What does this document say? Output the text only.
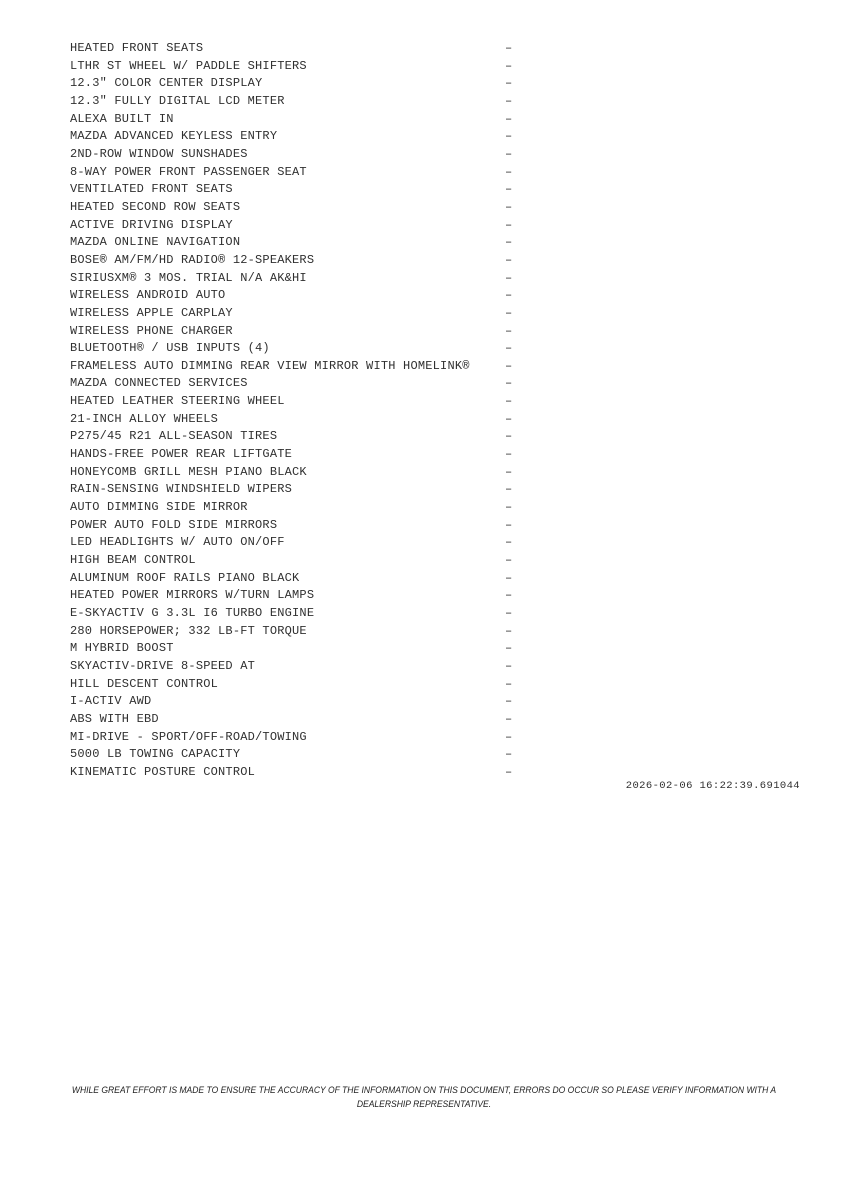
HEATED FRONT SEATS	–
LTHR ST WHEEL W/ PADDLE SHIFTERS	–
12.3" COLOR CENTER DISPLAY	–
12.3" FULLY DIGITAL LCD METER	–
ALEXA BUILT IN	–
MAZDA ADVANCED KEYLESS ENTRY	–
2ND-ROW WINDOW SUNSHADES	–
8-WAY POWER FRONT PASSENGER SEAT	–
VENTILATED FRONT SEATS	–
HEATED SECOND ROW SEATS	–
ACTIVE DRIVING DISPLAY	–
MAZDA ONLINE NAVIGATION	–
BOSE® AM/FM/HD RADIO® 12-SPEAKERS	–
SIRIUSXM® 3 MOS. TRIAL N/A AK&HI	–
WIRELESS ANDROID AUTO	–
WIRELESS APPLE CARPLAY	–
WIRELESS PHONE CHARGER	–
BLUETOOTH® / USB INPUTS (4)	–
FRAMELESS AUTO DIMMING REAR VIEW MIRROR WITH HOMELINK®	–
MAZDA CONNECTED SERVICES	–
HEATED LEATHER STEERING WHEEL	–
21-INCH ALLOY WHEELS	–
P275/45 R21 ALL-SEASON TIRES	–
HANDS-FREE POWER REAR LIFTGATE	–
HONEYCOMB GRILL MESH PIANO BLACK	–
RAIN-SENSING WINDSHIELD WIPERS	–
AUTO DIMMING SIDE MIRROR	–
POWER AUTO FOLD SIDE MIRRORS	–
LED HEADLIGHTS W/ AUTO ON/OFF	–
HIGH BEAM CONTROL	–
ALUMINUM ROOF RAILS PIANO BLACK	–
HEATED POWER MIRRORS W/TURN LAMPS	–
E-SKYACTIV G 3.3L I6 TURBO ENGINE	–
280 HORSEPOWER; 332 LB-FT TORQUE	–
M HYBRID BOOST	–
SKYACTIV-DRIVE 8-SPEED AT	–
HILL DESCENT CONTROL	–
I-ACTIV AWD	–
ABS WITH EBD	–
MI-DRIVE - SPORT/OFF-ROAD/TOWING	–
5000 LB TOWING CAPACITY	–
KINEMATIC POSTURE CONTROL	–
2026-02-06 16:22:39.691044
WHILE GREAT EFFORT IS MADE TO ENSURE THE ACCURACY OF THE INFORMATION ON THIS DOCUMENT, ERRORS DO OCCUR SO PLEASE VERIFY INFORMATION WITH A
DEALERSHIP REPRESENTATIVE.
